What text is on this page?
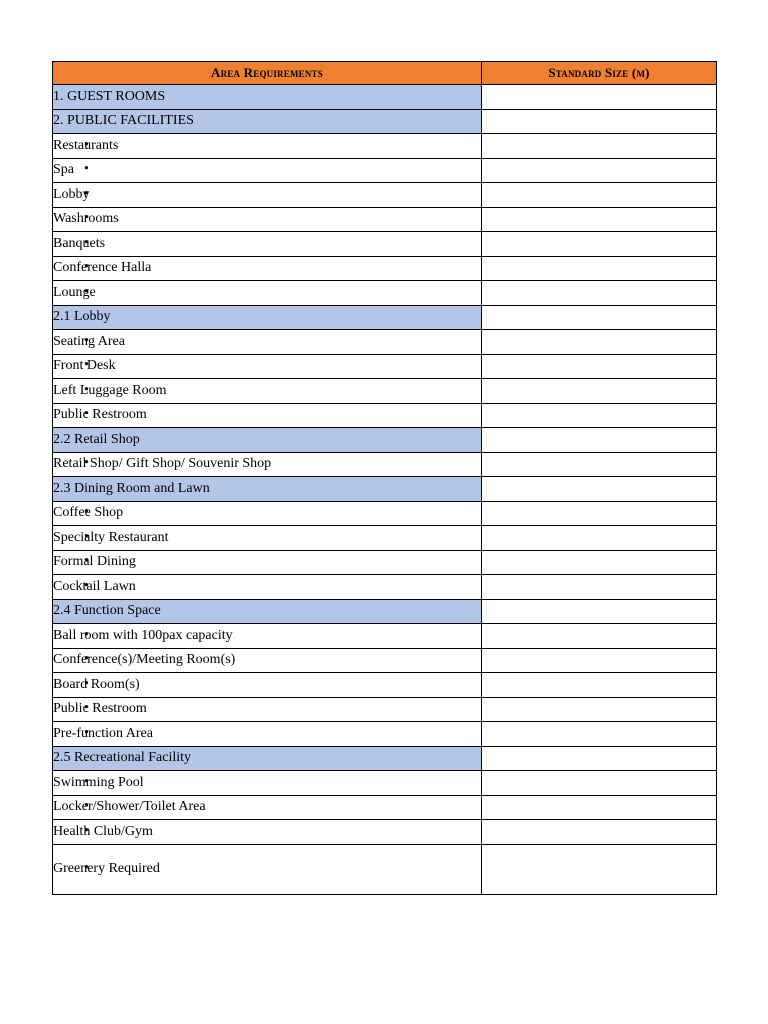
Area Requirements	Standard Size (m)
1. GUEST ROOMS	
2. PUBLIC FACILITIES	
• Restaurants	
• Spa	
• Lobby	
• Washrooms	
• Banquets	
• Conference Halla	
• Lounge	
2.1 Lobby	
• Seating Area	
• Front Desk	
• Left Luggage Room	
• Public Restroom	
2.2 Retail Shop	
• Retail Shop/ Gift Shop/ Souvenir Shop	
2.3 Dining Room and Lawn	
• Coffee Shop	
• Specialty Restaurant	
• Formal Dining	
• Cocktail Lawn	
2.4 Function Space	
• Ball room with 100pax capacity	
• Conference(s)/Meeting Room(s)	
• Board Room(s)	
• Public Restroom	
• Pre-function Area	
2.5 Recreational Facility	
• Swimming Pool	
• Locker/Shower/Toilet Area	
• Health Club/Gym	
• Greenery Required	
